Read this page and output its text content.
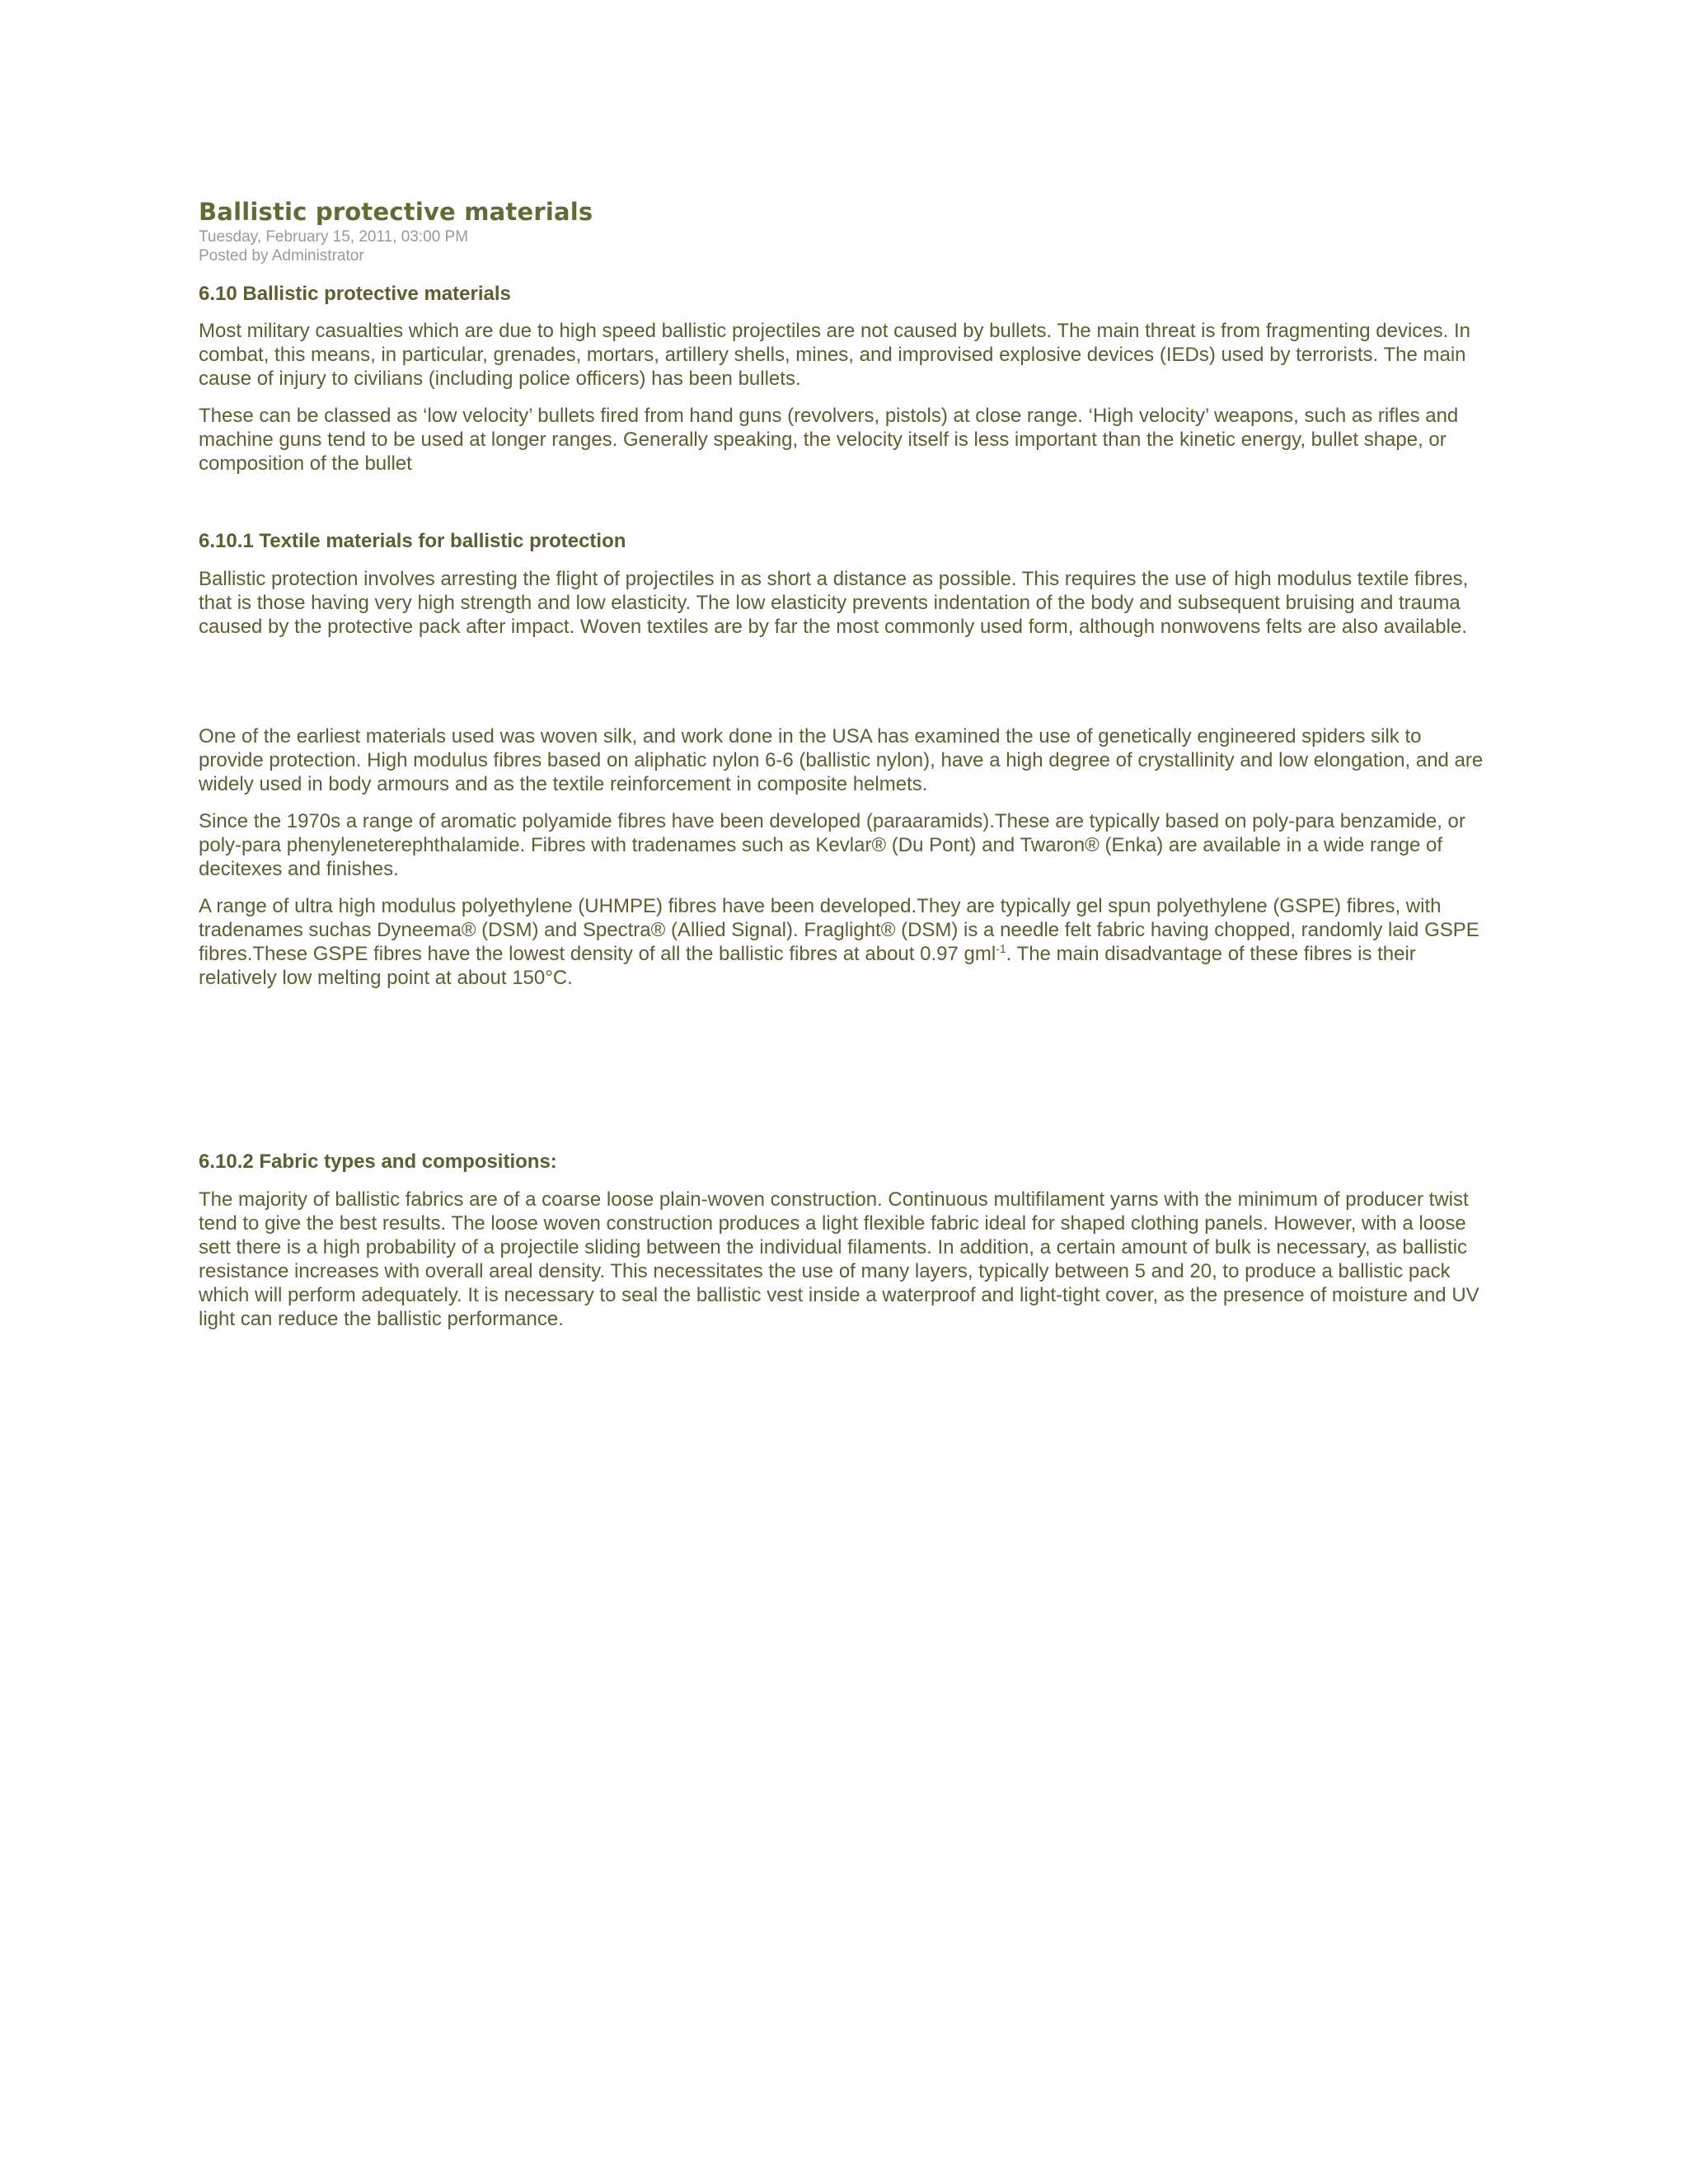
Ballistic protective materials
Tuesday, February 15, 2011, 03:00 PM
Posted by Administrator
6.10 Ballistic protective materials

Most military casualties which are due to high speed ballistic projectiles are not caused by bullets. The main threat is from fragmenting devices. In combat, this means, in particular, grenades, mortars, artillery shells, mines, and improvised explosive devices (IEDs) used by terrorists. The main cause of injury to civilians (including police officers) has been bullets.

These can be classed as ‘low velocity’ bullets fired from hand guns (revolvers, pistols) at close range. ‘High velocity’ weapons, such as rifles and machine guns tend to be used at longer ranges. Generally speaking, the velocity itself is less important than the kinetic energy, bullet shape, or composition of the bullet

6.10.1 Textile materials for ballistic protection

Ballistic protection involves arresting the flight of projectiles in as short a distance as possible. This requires the use of high modulus textile fibres, that is those having very high strength and low elasticity. The low elasticity prevents indentation of the body and subsequent bruising and trauma caused by the protective pack after impact. Woven textiles are by far the most commonly used form, although nonwovens felts are also available.

One of the earliest materials used was woven silk, and work done in the USA has examined the use of genetically engineered spiders silk to provide protection. High modulus fibres based on aliphatic nylon 6-6 (ballistic nylon), have a high degree of crystallinity and low elongation, and are widely used in body armours and as the textile reinforcement in composite helmets.

Since the 1970s a range of aromatic polyamide fibres have been developed (paraaramids).These are typically based on poly-para benzamide, or poly-para phenyleneterephthalamide. Fibres with tradenames such as Kevlar® (Du Pont) and Twaron® (Enka) are available in a wide range of decitexes and finishes.

A range of ultra high modulus polyethylene (UHMPE) fibres have been developed.They are typically gel spun polyethylene (GSPE) fibres, with tradenames suchas Dyneema® (DSM) and Spectra® (Allied Signal). Fraglight® (DSM) is a needle felt fabric having chopped, randomly laid GSPE fibres.These GSPE fibres have the lowest density of all the ballistic fibres at about 0.97 gml$^{-1}$. The main disadvantage of these fibres is their relatively low melting point at about 150°C.

6.10.2 Fabric types and compositions:

The majority of ballistic fabrics are of a coarse loose plain-woven construction. Continuous multifilament yarns with the minimum of producer twist tend to give the best results. The loose woven construction produces a light flexible fabric ideal for shaped clothing panels. However, with a loose sett there is a high probability of a projectile sliding between the individual filaments. In addition, a certain amount of bulk is necessary, as ballistic resistance increases with overall areal density. This necessitates the use of many layers, typically between 5 and 20, to produce a ballistic pack which will perform adequately. It is necessary to seal the ballistic vest inside a waterproof and light-tight cover, as the presence of moisture and UV light can reduce the ballistic performance.
